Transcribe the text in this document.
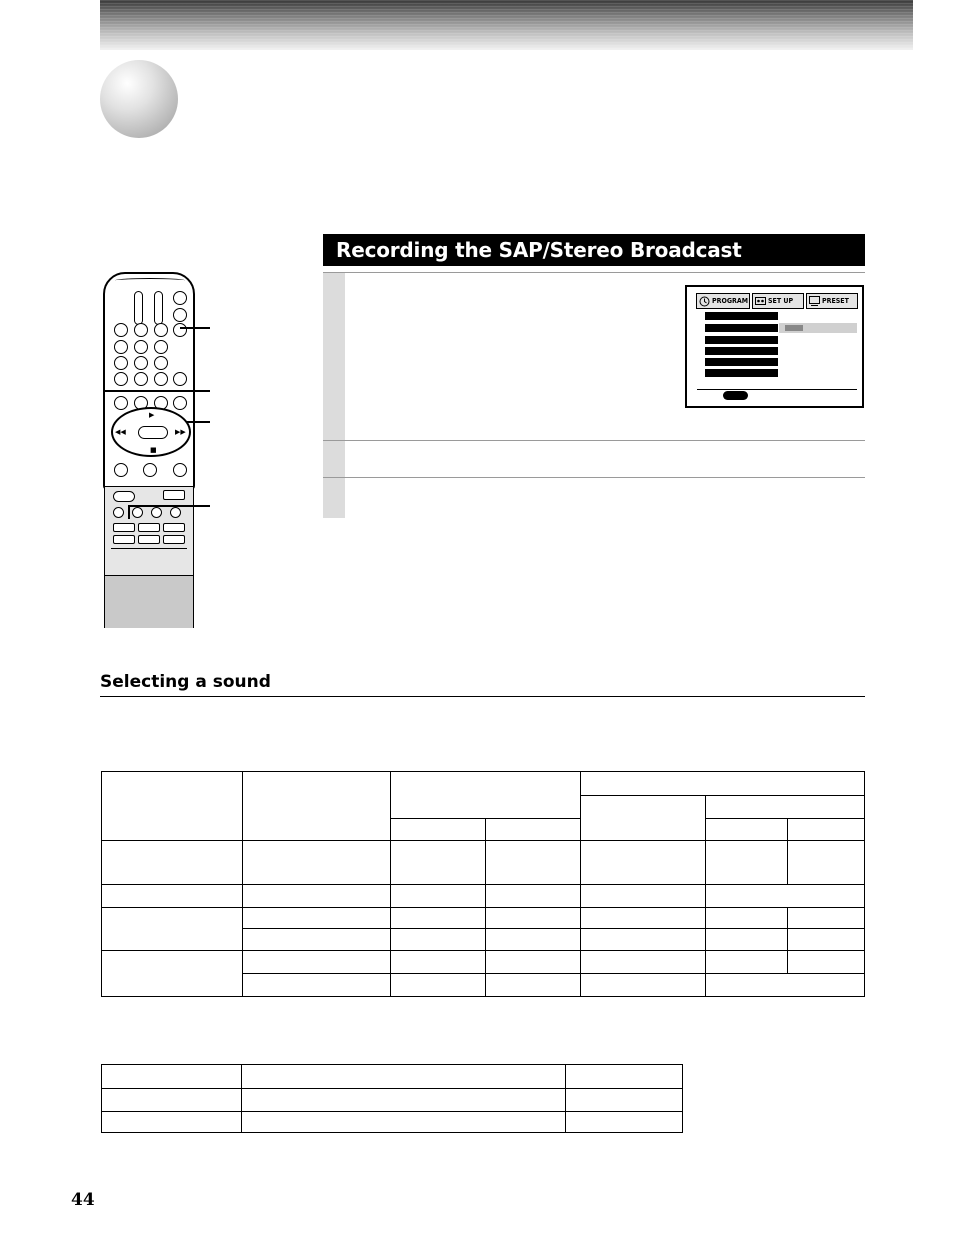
Recording the SAP/Stereo Broadcast
PROGRAM	SET UP	PRESET
▶
■
◀◀	▶▶
Selecting a sound
44
